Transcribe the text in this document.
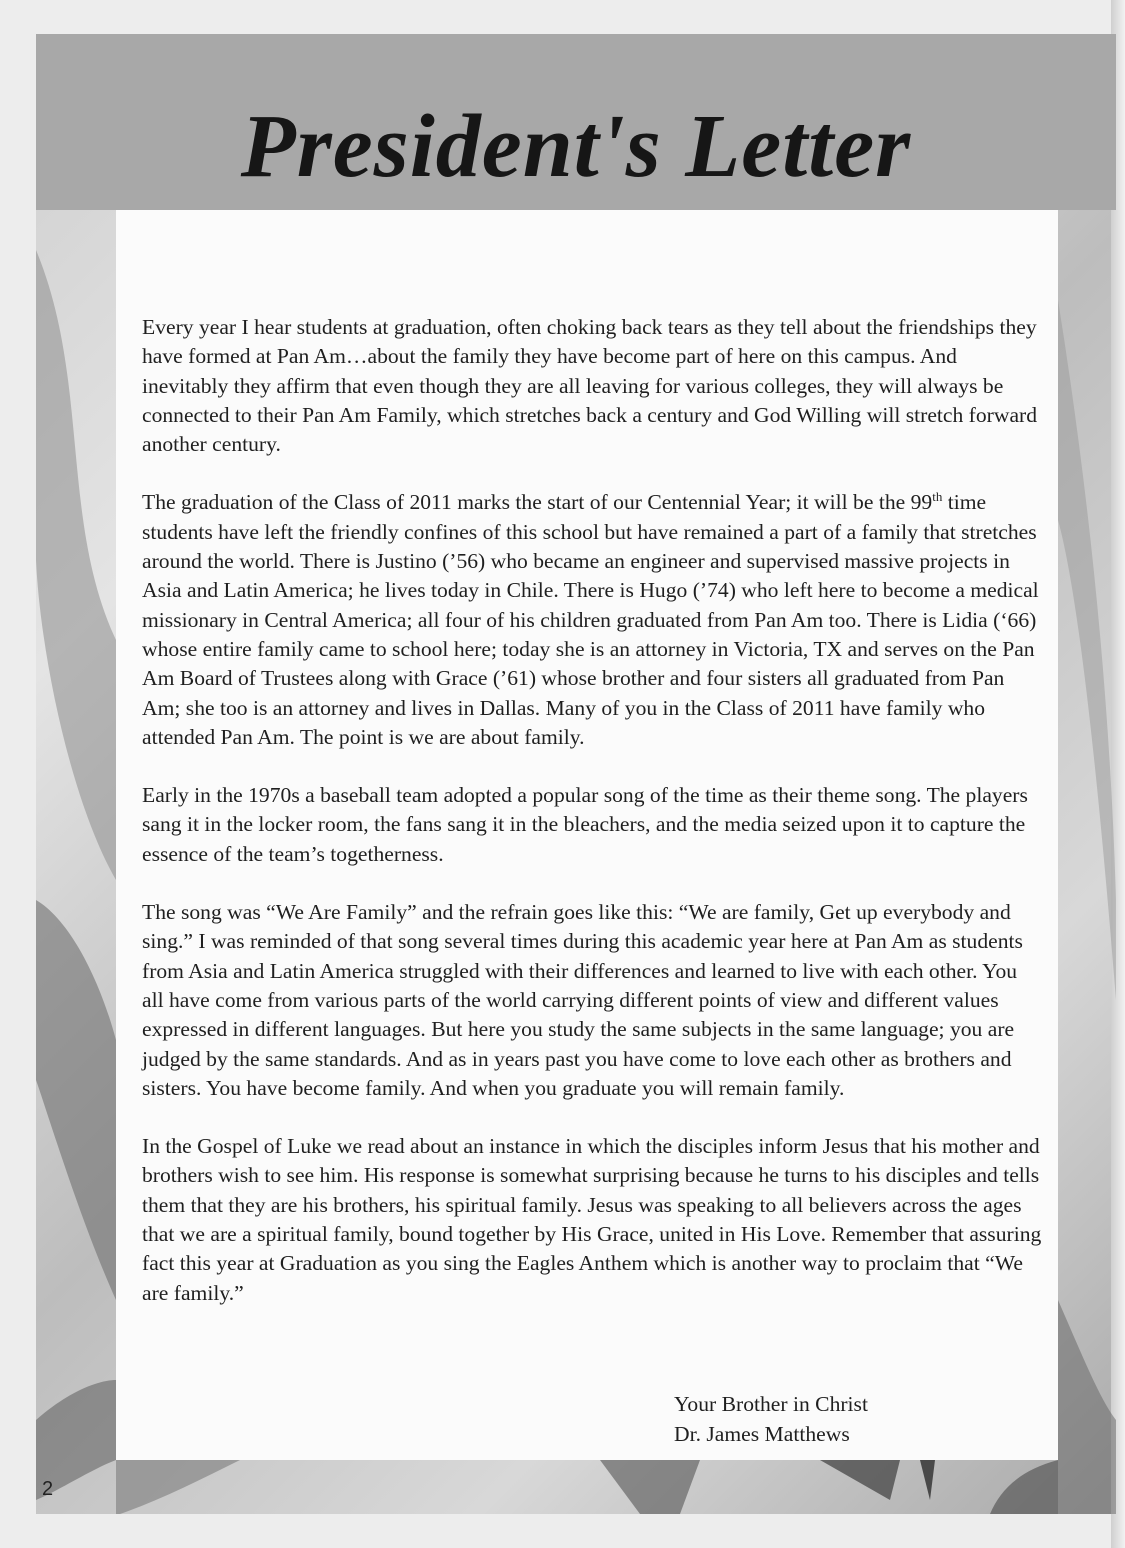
President's Letter

Every year I hear students at graduation, often choking back tears as they tell about the friendships they have formed at Pan Am…about the family they have become part of here on this campus. And inevitably they affirm that even though they are all leaving for various colleges, they will always be connected to their Pan Am Family, which stretches back a century and God Willing will stretch forward another century.

The graduation of the Class of 2011 marks the start of our Centennial Year; it will be the 99th time students have left the friendly confines of this school but have remained a part of a family that stretches around the world. There is Justino (’56) who became an engineer and supervised massive projects in Asia and Latin America; he lives today in Chile. There is Hugo (’74) who left here to become a medical missionary in Central America; all four of his children graduated from Pan Am too. There is Lidia (‘66) whose entire family came to school here; today she is an attorney in Victoria, TX and serves on the Pan Am Board of Trustees along with Grace (’61) whose brother and four sisters all graduated from Pan Am; she too is an attorney and lives in Dallas. Many of you in the Class of 2011 have family who attended Pan Am. The point is we are about family.

Early in the 1970s a baseball team adopted a popular song of the time as their theme song. The players sang it in the locker room, the fans sang it in the bleachers, and the media seized upon it to capture the essence of the team’s togetherness.

The song was “We Are Family” and the refrain goes like this: “We are family, Get up everybody and sing.” I was reminded of that song several times during this academic year here at Pan Am as students from Asia and Latin America struggled with their differences and learned to live with each other. You all have come from various parts of the world carrying different points of view and different values expressed in different languages. But here you study the same subjects in the same language; you are judged by the same standards. And as in years past you have come to love each other as brothers and sisters. You have become family. And when you graduate you will remain family.

In the Gospel of Luke we read about an instance in which the disciples inform Jesus that his mother and brothers wish to see him. His response is somewhat surprising because he turns to his disciples and tells them that they are his brothers, his spiritual family. Jesus was speaking to all believers across the ages that we are a spiritual family, bound together by His Grace, united in His Love. Remember that assuring fact this year at Graduation as you sing the Eagles Anthem which is another way to proclaim that “We are family.”

Your Brother in Christ
Dr. James Matthews
2
